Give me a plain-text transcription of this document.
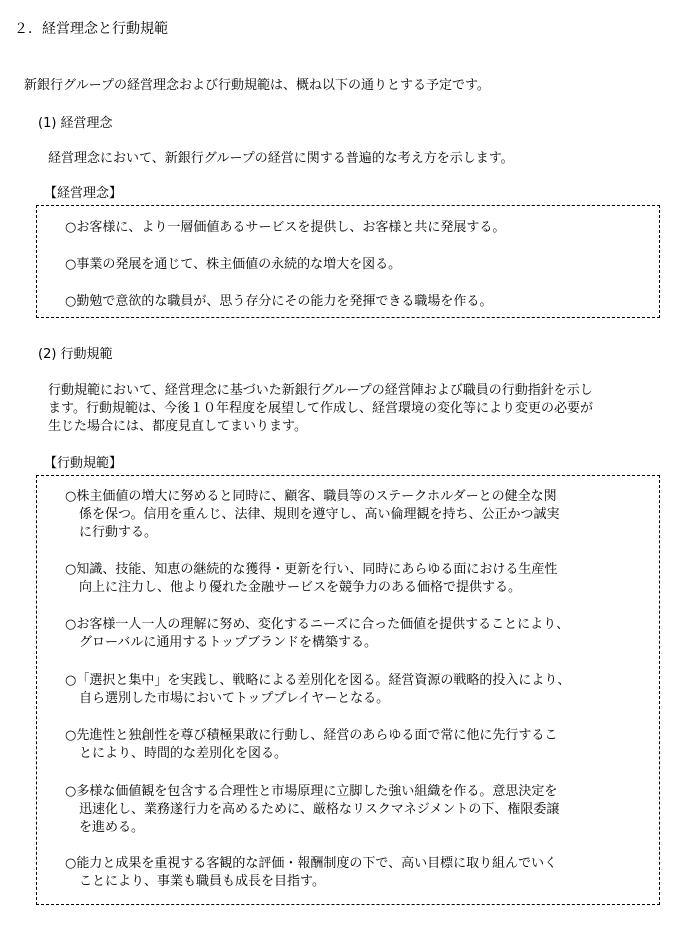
２．経営理念と行動規範
新銀行グループの経営理念および行動規範は、概ね以下の通りとする予定です。
(1) 経営理念
経営理念において、新銀行グループの経営に関する普遍的な考え方を示します。
【経営理念】
○お客様に、より一層価値あるサービスを提供し、お客様と共に発展する。
○事業の発展を通じて、株主価値の永続的な増大を図る。
○勤勉で意欲的な職員が、思う存分にその能力を発揮できる職場を作る。
(2) 行動規範
行動規範において、経営理念に基づいた新銀行グループの経営陣および職員の行動指針を示し
ます。行動規範は、今後１０年程度を展望して作成し、経営環境の変化等により変更の必要が
生じた場合には、都度見直してまいります。
【行動規範】
○株主価値の増大に努めると同時に、顧客、職員等のステークホルダーとの健全な関
係を保つ。信用を重んじ、法律、規則を遵守し、高い倫理観を持ち、公正かつ誠実
に行動する。
○知識、技能、知恵の継続的な獲得・更新を行い、同時にあらゆる面における生産性
向上に注力し、他より優れた金融サービスを競争力のある価格で提供する。
○お客様一人一人の理解に努め、変化するニーズに合った価値を提供することにより、
グローバルに通用するトップブランドを構築する。
○「選択と集中」を実践し、戦略による差別化を図る。経営資源の戦略的投入により、
自ら選別した市場においてトッププレイヤーとなる。
○先進性と独創性を尊び積極果敢に行動し、経営のあらゆる面で常に他に先行するこ
とにより、時間的な差別化を図る。
○多様な価値観を包含する合理性と市場原理に立脚した強い組織を作る。意思決定を
迅速化し、業務遂行力を高めるために、厳格なリスクマネジメントの下、権限委譲
を進める。
○能力と成果を重視する客観的な評価・報酬制度の下で、高い目標に取り組んでいく
ことにより、事業も職員も成長を目指す。
